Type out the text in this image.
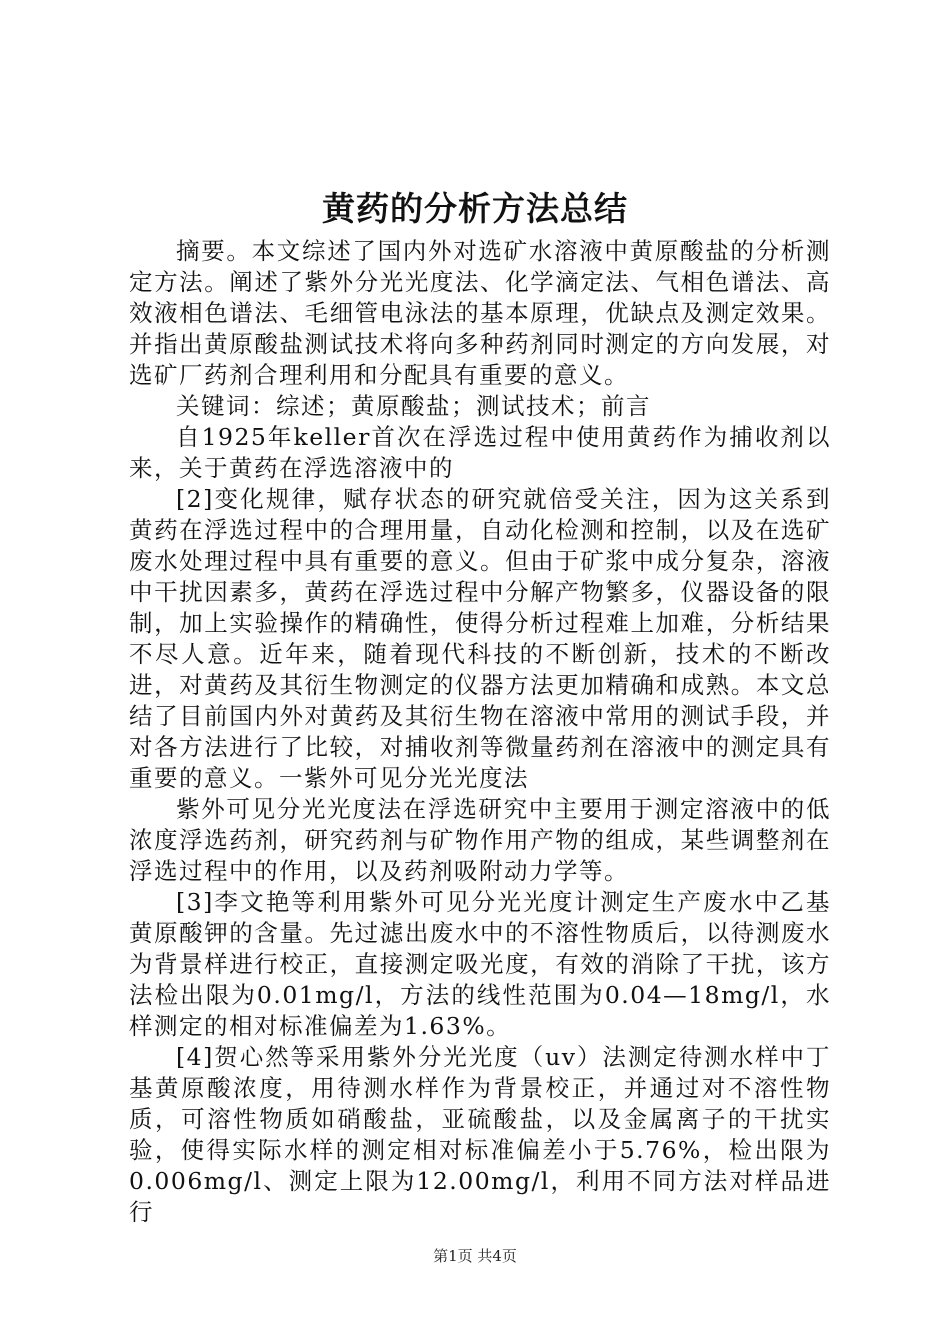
黄药的分析方法总结

摘要。本文综述了国内外对选矿水溶液中黄原酸盐的分析测定方法。阐述了紫外分光光度法、化学滴定法、气相色谱法、高效液相色谱法、毛细管电泳法的基本原理，优缺点及测定效果。并指出黄原酸盐测试技术将向多种药剂同时测定的方向发展，对选矿厂药剂合理利用和分配具有重要的意义。

关键词：综述；黄原酸盐；测试技术；前言

自1925年keller首次在浮选过程中使用黄药作为捕收剂以来，关于黄药在浮选溶液中的

[2]变化规律，赋存状态的研究就倍受关注，因为这关系到黄药在浮选过程中的合理用量，自动化检测和控制，以及在选矿废水处理过程中具有重要的意义。但由于矿浆中成分复杂，溶液中干扰因素多，黄药在浮选过程中分解产物繁多，仪器设备的限制，加上实验操作的精确性，使得分析过程难上加难，分析结果不尽人意。近年来，随着现代科技的不断创新，技术的不断改进，对黄药及其衍生物测定的仪器方法更加精确和成熟。本文总结了目前国内外对黄药及其衍生物在溶液中常用的测试手段，并对各方法进行了比较，对捕收剂等微量药剂在溶液中的测定具有重要的意义。一紫外可见分光光度法

紫外可见分光光度法在浮选研究中主要用于测定溶液中的低浓度浮选药剂，研究药剂与矿物作用产物的组成，某些调整剂在浮选过程中的作用，以及药剂吸附动力学等。

[3]李文艳等利用紫外可见分光光度计测定生产废水中乙基黄原酸钾的含量。先过滤出废水中的不溶性物质后，以待测废水为背景样进行校正，直接测定吸光度，有效的消除了干扰，该方法检出限为0.01mg/l，方法的线性范围为0.04—18mg/l，水样测定的相对标准偏差为1.63%。

[4]贺心然等采用紫外分光光度（uv）法测定待测水样中丁基黄原酸浓度，用待测水样作为背景校正，并通过对不溶性物质，可溶性物质如硝酸盐，亚硫酸盐，以及金属离子的干扰实验，使得实际水样的测定相对标准偏差小于5.76%，检出限为0.006mg/l、测定上限为12.00mg/l，利用不同方法对样品进行

第1页 共4页
